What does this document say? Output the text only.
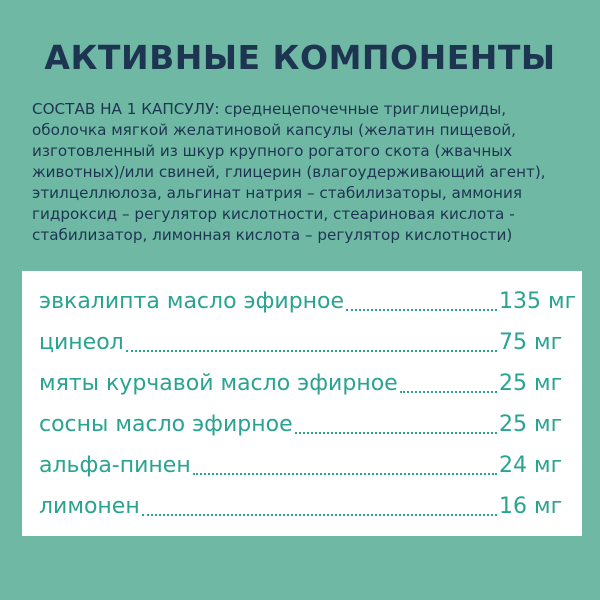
АКТИВНЫЕ КОМПОНЕНТЫ
СОСТАВ НА 1 КАПСУЛУ: среднецепочечные триглицериды,
оболочка мягкой желатиновой капсулы (желатин пищевой,
изготовленный из шкур крупного рогатого скота (жвачных
животных)/или свиней, глицерин (влагоудерживающий агент),
этилцеллюлоза, альгинат натрия – стабилизаторы, аммония
гидроксид – регулятор кислотности, стеариновая кислота -
стабилизатор, лимонная кислота – регулятор кислотности)
эвкалипта масло эфирное	135 мг
цинеол	75 мг
мяты курчавой масло эфирное	25 мг
сосны масло эфирное	25 мг
альфа-пинен	24 мг
лимонен	16 мг
